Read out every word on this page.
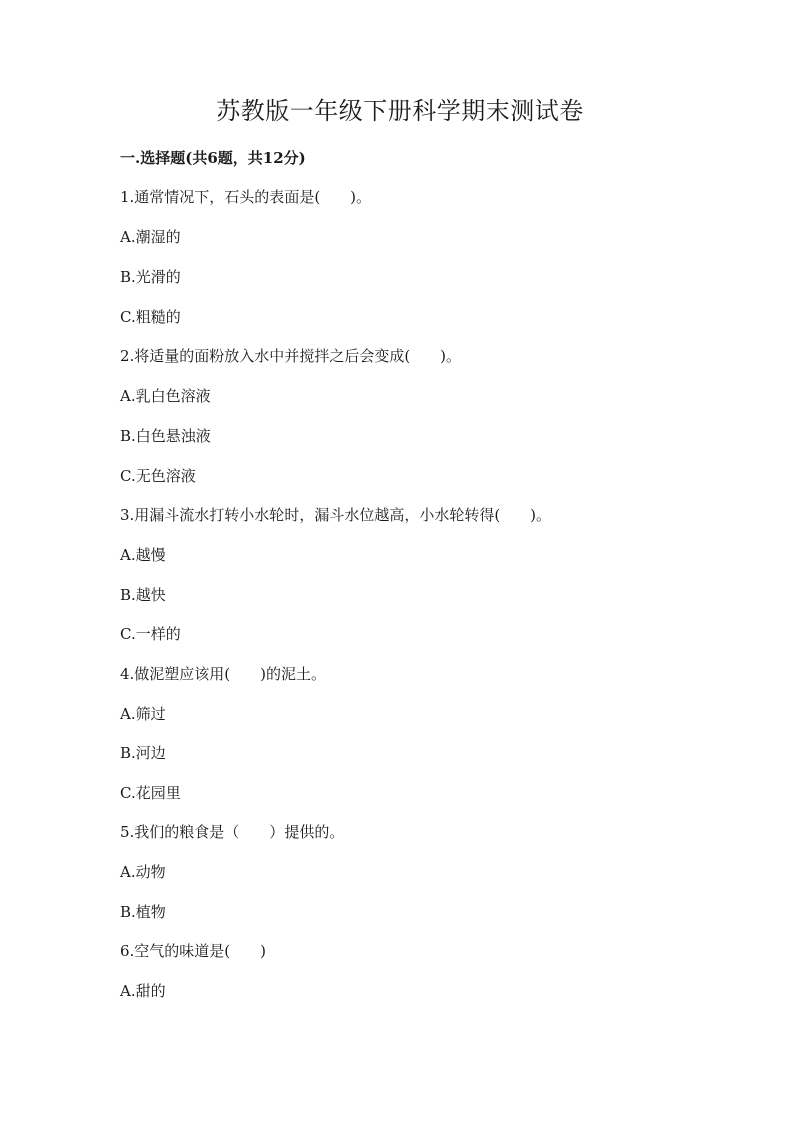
苏教版一年级下册科学期末测试卷

一.选择题(共6题，共12分)

1.通常情况下，石头的表面是(　　)。

A.潮湿的

B.光滑的

C.粗糙的

2.将适量的面粉放入水中并搅拌之后会变成(　　)。

A.乳白色溶液

B.白色悬浊液

C.无色溶液

3.用漏斗流水打转小水轮时，漏斗水位越高，小水轮转得(　　)。

A.越慢

B.越快

C.一样的

4.做泥塑应该用(　　)的泥土。

A.筛过

B.河边

C.花园里

5.我们的粮食是（　　）提供的。

A.动物

B.植物

6.空气的味道是(　　)

A.甜的
